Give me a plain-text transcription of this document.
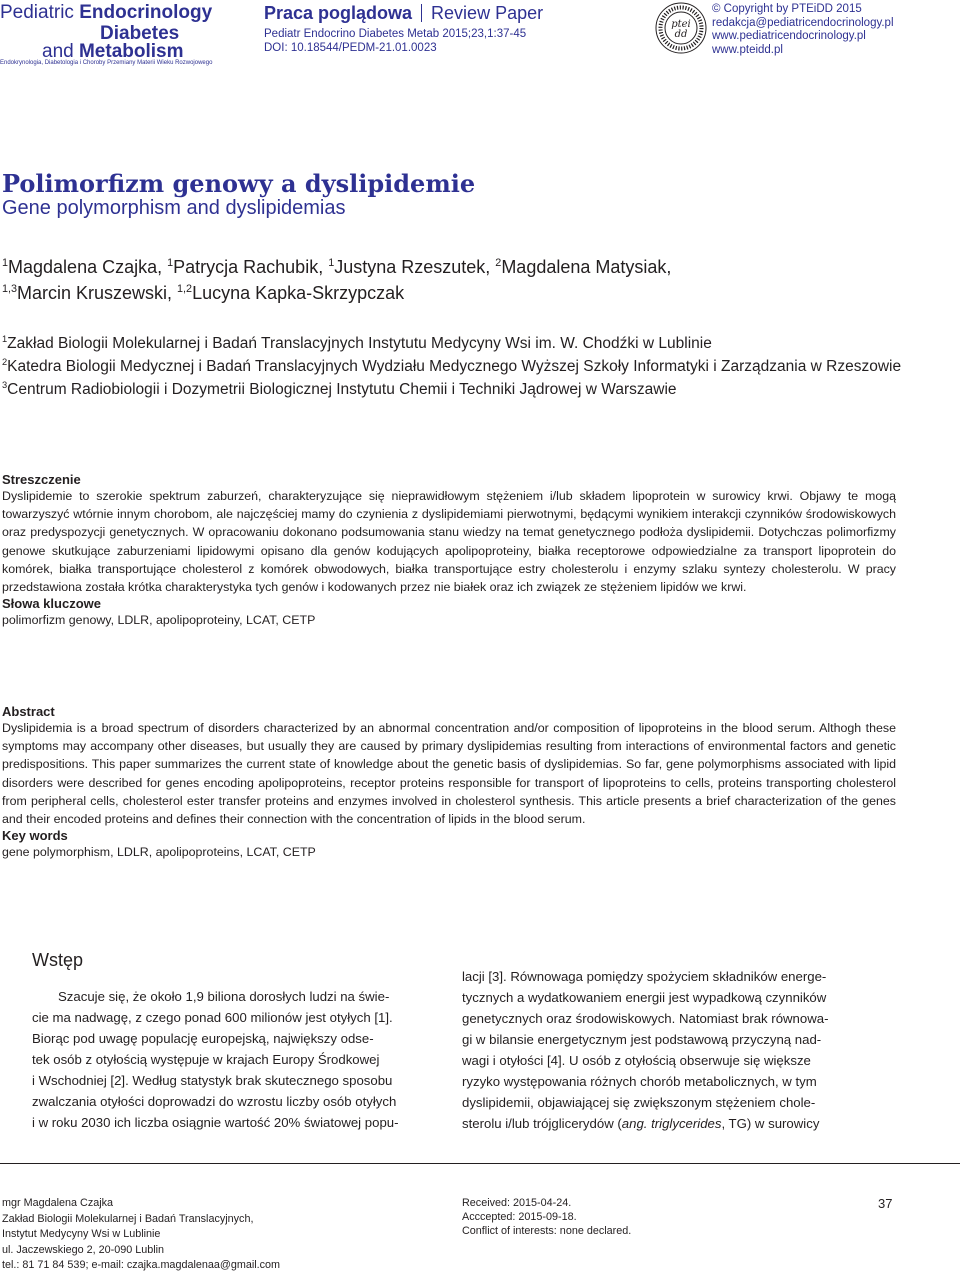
Pediatric Endocrinology
Diabetes
and Metabolism
Endokrynologia, Diabetologia i Choroby Przemiany Materii Wieku Rozwojowego
Praca poglądowa Review Paper
Pediatr Endocrino Diabetes Metab 2015;23,1:37-45
DOI: 10.18544/PEDM-21.01.0023
ptei
dd
© Copyright by PTEiDD 2015
redakcja@pediatricendocrinology.pl
www.pediatricendocrinology.pl
www.pteidd.pl
Polimorfizm genowy a dyslipidemie
Gene polymorphism and dyslipidemias
$^1$Magdalena Czajka, $^1$Patrycja Rachubik, $^1$Justyna Rzeszutek, $^2$Magdalena Matysiak,
$^{1,3}$Marcin Kruszewski, $^{1,2}$Lucyna Kapka-Skrzypczak
$^1$Zakład Biologii Molekularnej i Badań Translacyjnych Instytutu Medycyny Wsi im. W. Chodźki w Lublinie
$^2$Katedra Biologii Medycznej i Badań Translacyjnych Wydziału Medycznego Wyższej Szkoły Informatyki i Zarządzania w Rzeszowie
$^3$Centrum Radiobiologii i Dozymetrii Biologicznej Instytutu Chemii i Techniki Jądrowej w Warszawie
Streszczenie
Dyslipidemie to szerokie spektrum zaburzeń, charakteryzujące się nieprawidłowym stężeniem i/lub składem lipoprotein w surowicy krwi. Objawy te mogą towarzyszyć wtórnie innym chorobom, ale najczęściej mamy do czynienia z dyslipidemiami pierwotnymi, będącymi wynikiem interakcji czynników środowiskowych oraz predyspozycji genetycznych. W opracowaniu dokonano podsumowania stanu wiedzy na temat genetycznego podłoża dyslipidemii. Dotychczas polimorfizmy genowe skutkujące zaburzeniami lipidowymi opisano dla genów kodujących apolipoproteiny, białka receptorowe odpowiedzialne za transport lipoprotein do komórek, białka transportujące cholesterol z komórek obwodowych, białka transportujące estry cholesterolu i enzymy szlaku syntezy cholesterolu. W pracy przedstawiona została krótka charakterystyka tych genów i kodowanych przez nie białek oraz ich związek ze stężeniem lipidów we krwi.
Słowa kluczowe
polimorfizm genowy, LDLR, apolipoproteiny, LCAT, CETP
Abstract
Dyslipidemia is a broad spectrum of disorders characterized by an abnormal concentration and/or composition of lipoproteins in the blood serum. Althogh these symptoms may accompany other diseases, but usually they are caused by primary dyslipidemias resulting from interactions of environmental factors and genetic predispositions. This paper summarizes the current state of knowledge about the genetic basis of dyslipidemias. So far, gene polymorphisms associated with lipid disorders were described for genes encoding apolipoproteins, receptor proteins responsible for transport of lipoproteins to cells, proteins transporting cholesterol from peripheral cells, cholesterol ester transfer proteins and enzymes involved in cholesterol synthesis. This article presents a brief characterization of the genes and their encoded proteins and defines their connection with the concentration of lipids in the blood serum.
Key words
gene polymorphism, LDLR, apolipoproteins, LCAT, CETP
Wstęp
Szacuje się, że około 1,9 biliona dorosłych ludzi na świe-
cie ma nadwagę, z czego ponad 600 milionów jest otyłych [1].
Biorąc pod uwagę populację europejską, największy odse-
tek osób z otyłością występuje w krajach Europy Środkowej
i Wschodniej [2]. Według statystyk brak skutecznego sposobu
zwalczania otyłości doprowadzi do wzrostu liczby osób otyłych
i w roku 2030 ich liczba osiągnie wartość 20% światowej popu-
lacji [3]. Równowaga pomiędzy spożyciem składników energe-
tycznych a wydatkowaniem energii jest wypadkową czynników
genetycznych oraz środowiskowych. Natomiast brak równowa-
gi w bilansie energetycznym jest podstawową przyczyną nad-
wagi i otyłości [4]. U osób z otyłością obserwuje się większe
ryzyko występowania różnych chorób metabolicznych, w tym
dyslipidemii, objawiającej się zwiększonym stężeniem chole-
sterolu i/lub trójglicerydów (ang. triglycerides, TG) w surowicy
mgr Magdalena Czajka
Zakład Biologii Molekularnej i Badań Translacyjnych,
Instytut Medycyny Wsi w Lublinie
ul. Jaczewskiego 2, 20-090 Lublin
tel.: 81 71 84 539; e-mail: czajka.magdalenaa@gmail.com
Received: 2015-04-24.
Acccepted: 2015-09-18.
Conflict of interests: none declared.
37
